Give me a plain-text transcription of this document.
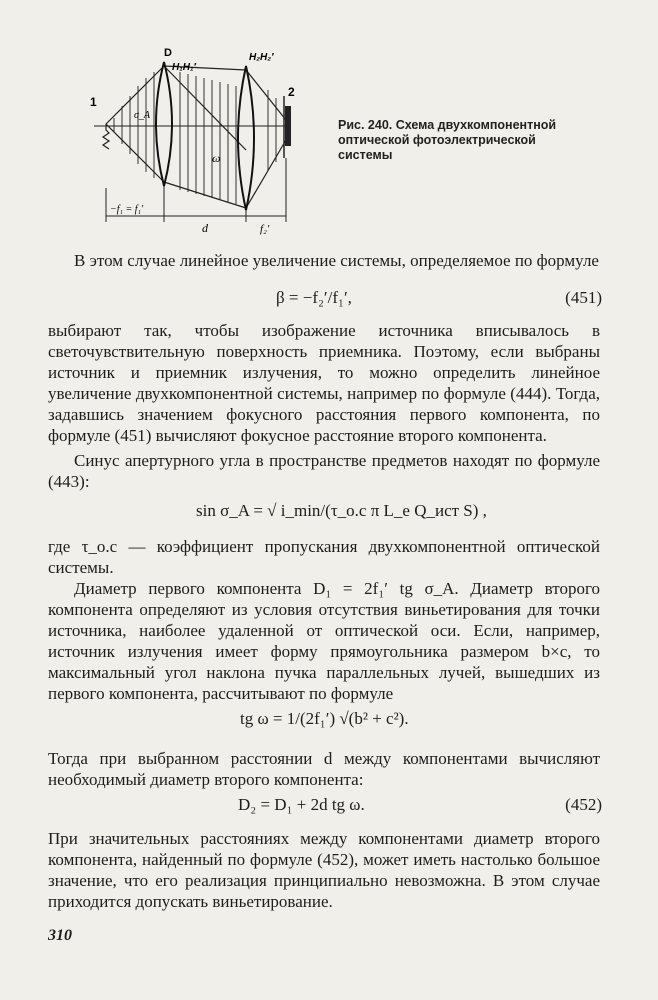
1
2
D
H₁H₁′
H₂H₂′
σ_A
ω
−f₁ = f₁′
d	f₂′
Рис. 240. Схема двухкомпонентной оптической фотоэлектрической системы
В этом случае линейное увеличение системы, определяемое по формуле
β = −f₂′/f₁′,	(451)
выбирают так, чтобы изображение источника вписывалось в светочувствительную поверхность приемника. Поэтому, если выбраны источник и приемник излучения, то можно определить линейное увеличение двухкомпонентной системы, например по формуле (444). Тогда, задавшись значением фокусного расстояния первого компонента, по формуле (451) вычисляют фокусное расстояние второго компонента.
Синус апертурного угла в пространстве предметов находят по формуле (443):
sin σ_A = √ i_min/(τ_о.с π L_e Q_ист S) ,
где τ_о.с — коэффициент пропускания двухкомпонентной оптической системы.
Диаметр первого компонента D₁ = 2f₁′ tg σ_A. Диаметр второго компонента определяют из условия отсутствия виньетирования для точки источника, наиболее удаленной от оптической оси. Если, например, источник излучения имеет форму прямоугольника размером b×c, то максимальный угол наклона пучка параллельных лучей, вышедших из первого компонента, рассчитывают по формуле
tg ω = 1/(2f₁′) √(b² + c²).
Тогда при выбранном расстоянии d между компонентами вычисляют необходимый диаметр второго компонента:
D₂ = D₁ + 2d tg ω.	(452)
При значительных расстояниях между компонентами диаметр второго компонента, найденный по формуле (452), может иметь настолько большое значение, что его реализация принципиально невозможна. В этом случае приходится допускать виньетирование.
310
